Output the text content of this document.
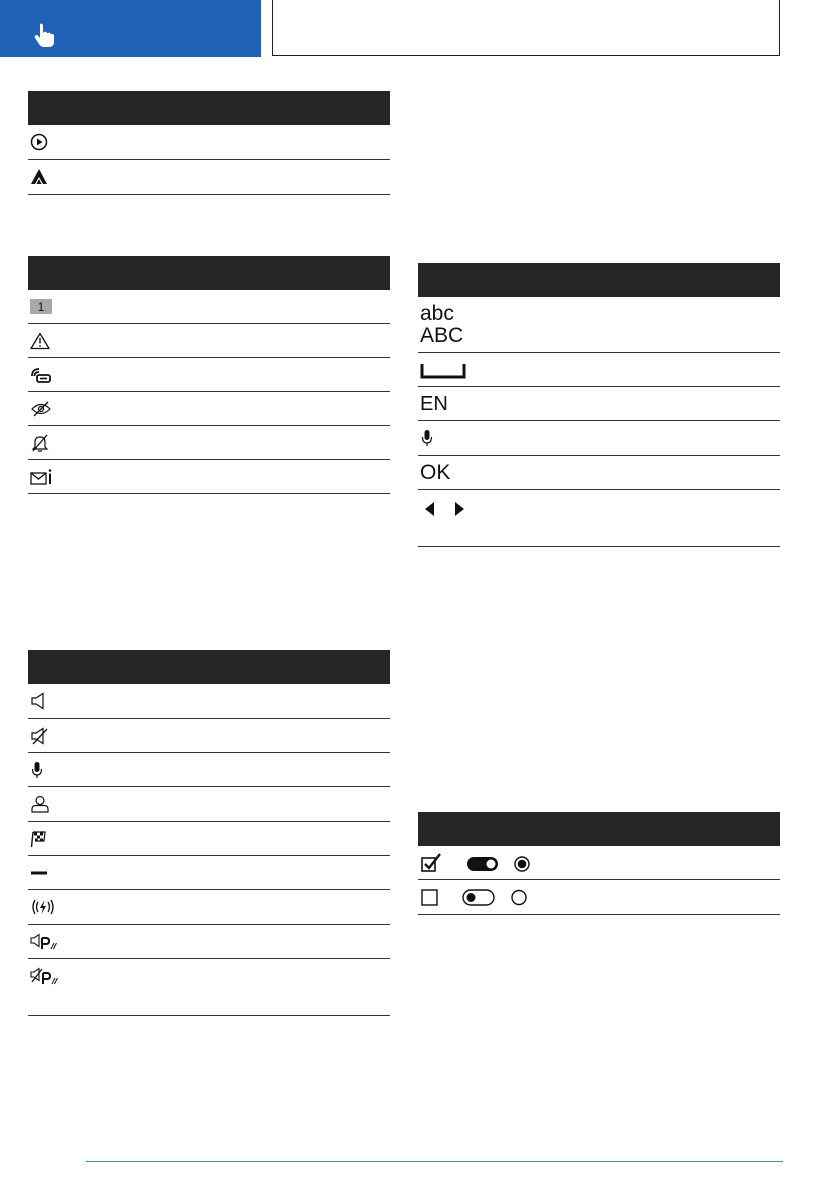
1	abc
ABC
EN
OK
